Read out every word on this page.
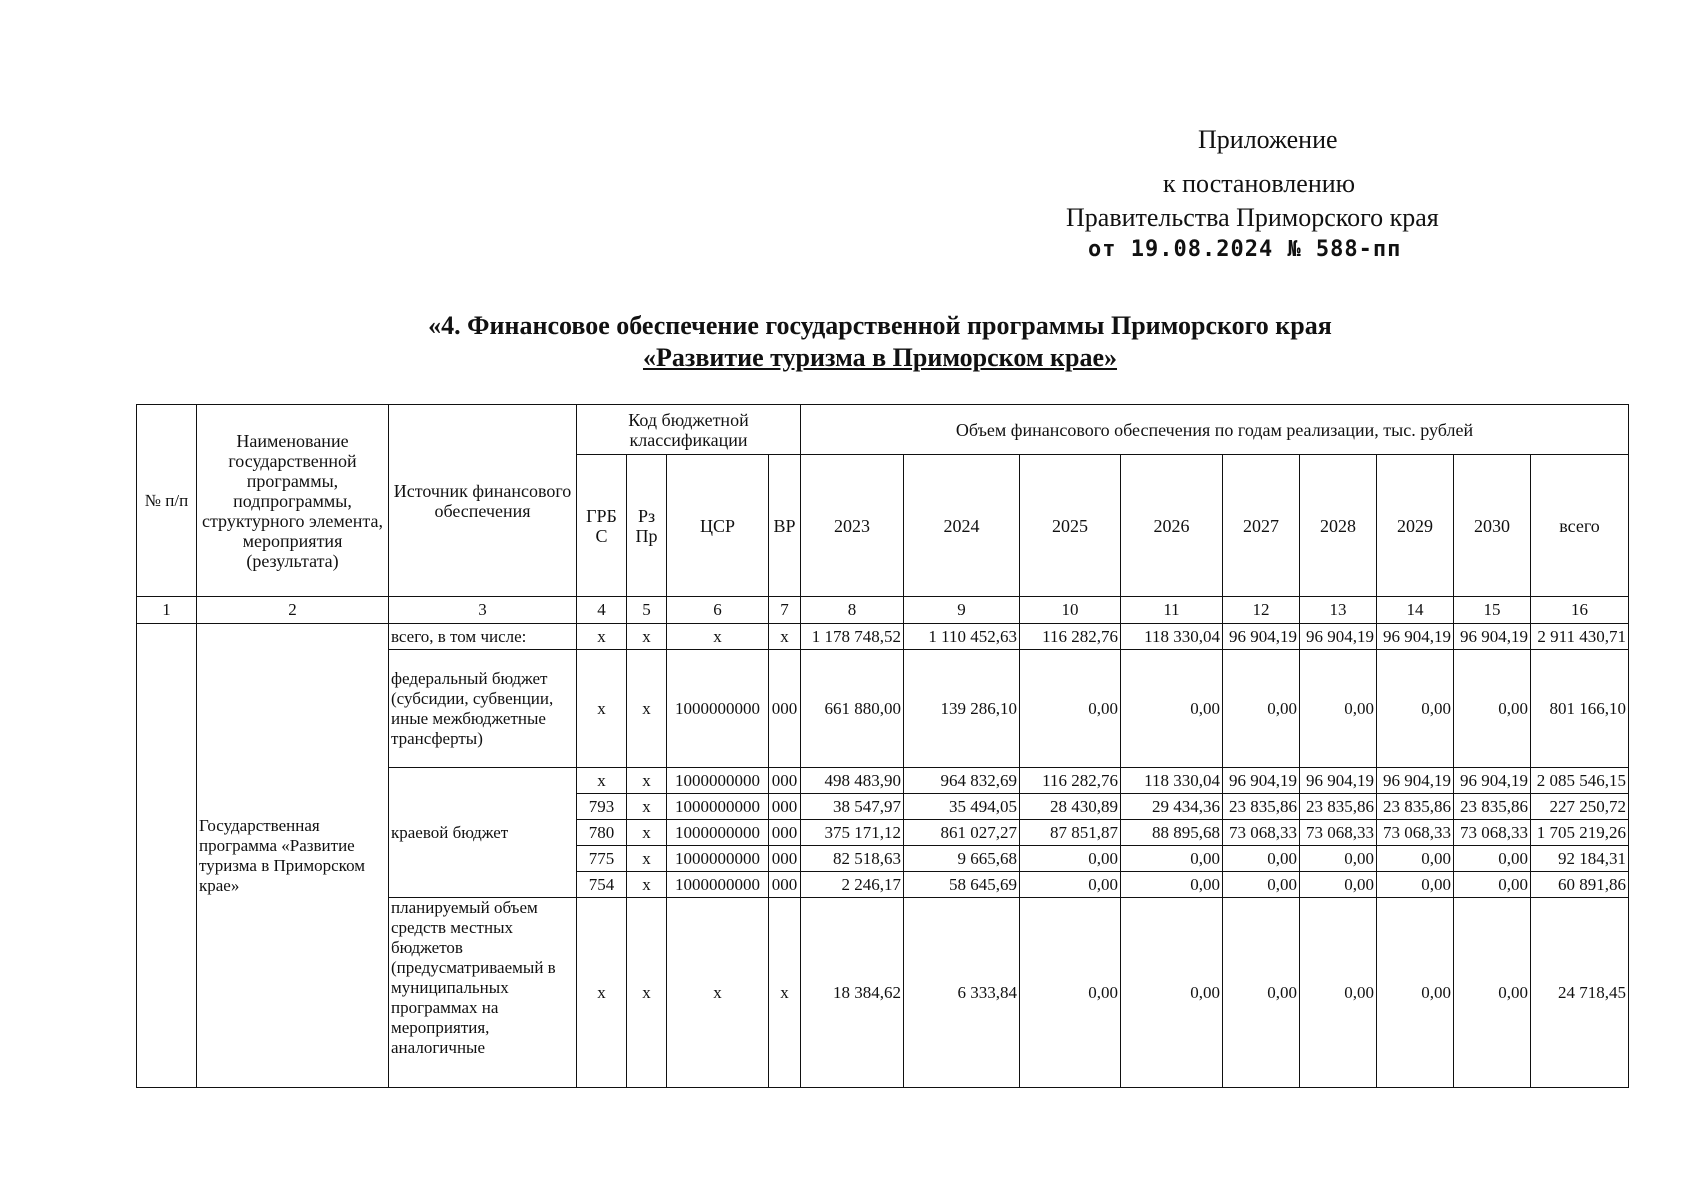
Приложение
к постановлению
Правительства Приморского края
от 19.08.2024 № 588-пп
«4. Финансовое обеспечение государственной программы Приморского края
«Развитие туризма в Приморском крае»
№ п/п	Наименование государственной программы, подпрограммы, структурного элемента, мероприятия (результата)	Источник финансового обеспечения	Код бюджетной классификации				Объем финансового обеспечения по годам реализации, тыс. рублей								
			ГРБ С	Рз Пр	ЦСР	ВР	2023	2024	2025	2026	2027	2028	2029	2030	всего
1	2	3	4	5	6	7	8	9	10	11	12	13	14	15	16
	Государственная программа «Развитие туризма в Приморском крае»	всего, в том числе:	x	x	x	x	1 178 748,52	1 110 452,63	116 282,76	118 330,04	96 904,19	96 904,19	96 904,19	96 904,19	2 911 430,71
		федеральный бюджет (субсидии, субвенции, иные межбюджетные трансферты)	x	x	1000000000	000	661 880,00	139 286,10	0,00	0,00	0,00	0,00	0,00	0,00	801 166,10
		краевой бюджет	x	x	1000000000	000	498 483,90	964 832,69	116 282,76	118 330,04	96 904,19	96 904,19	96 904,19	96 904,19	2 085 546,15
			793	x	1000000000	000	38 547,97	35 494,05	28 430,89	29 434,36	23 835,86	23 835,86	23 835,86	23 835,86	227 250,72
			780	x	1000000000	000	375 171,12	861 027,27	87 851,87	88 895,68	73 068,33	73 068,33	73 068,33	73 068,33	1 705 219,26
			775	x	1000000000	000	82 518,63	9 665,68	0,00	0,00	0,00	0,00	0,00	0,00	92 184,31
			754	x	1000000000	000	2 246,17	58 645,69	0,00	0,00	0,00	0,00	0,00	0,00	60 891,86
		планируемый объем средств местных бюджетов (предусматриваемый в муниципальных программах на мероприятия, аналогичные	x	x	x	x	18 384,62	6 333,84	0,00	0,00	0,00	0,00	0,00	0,00	24 718,45
